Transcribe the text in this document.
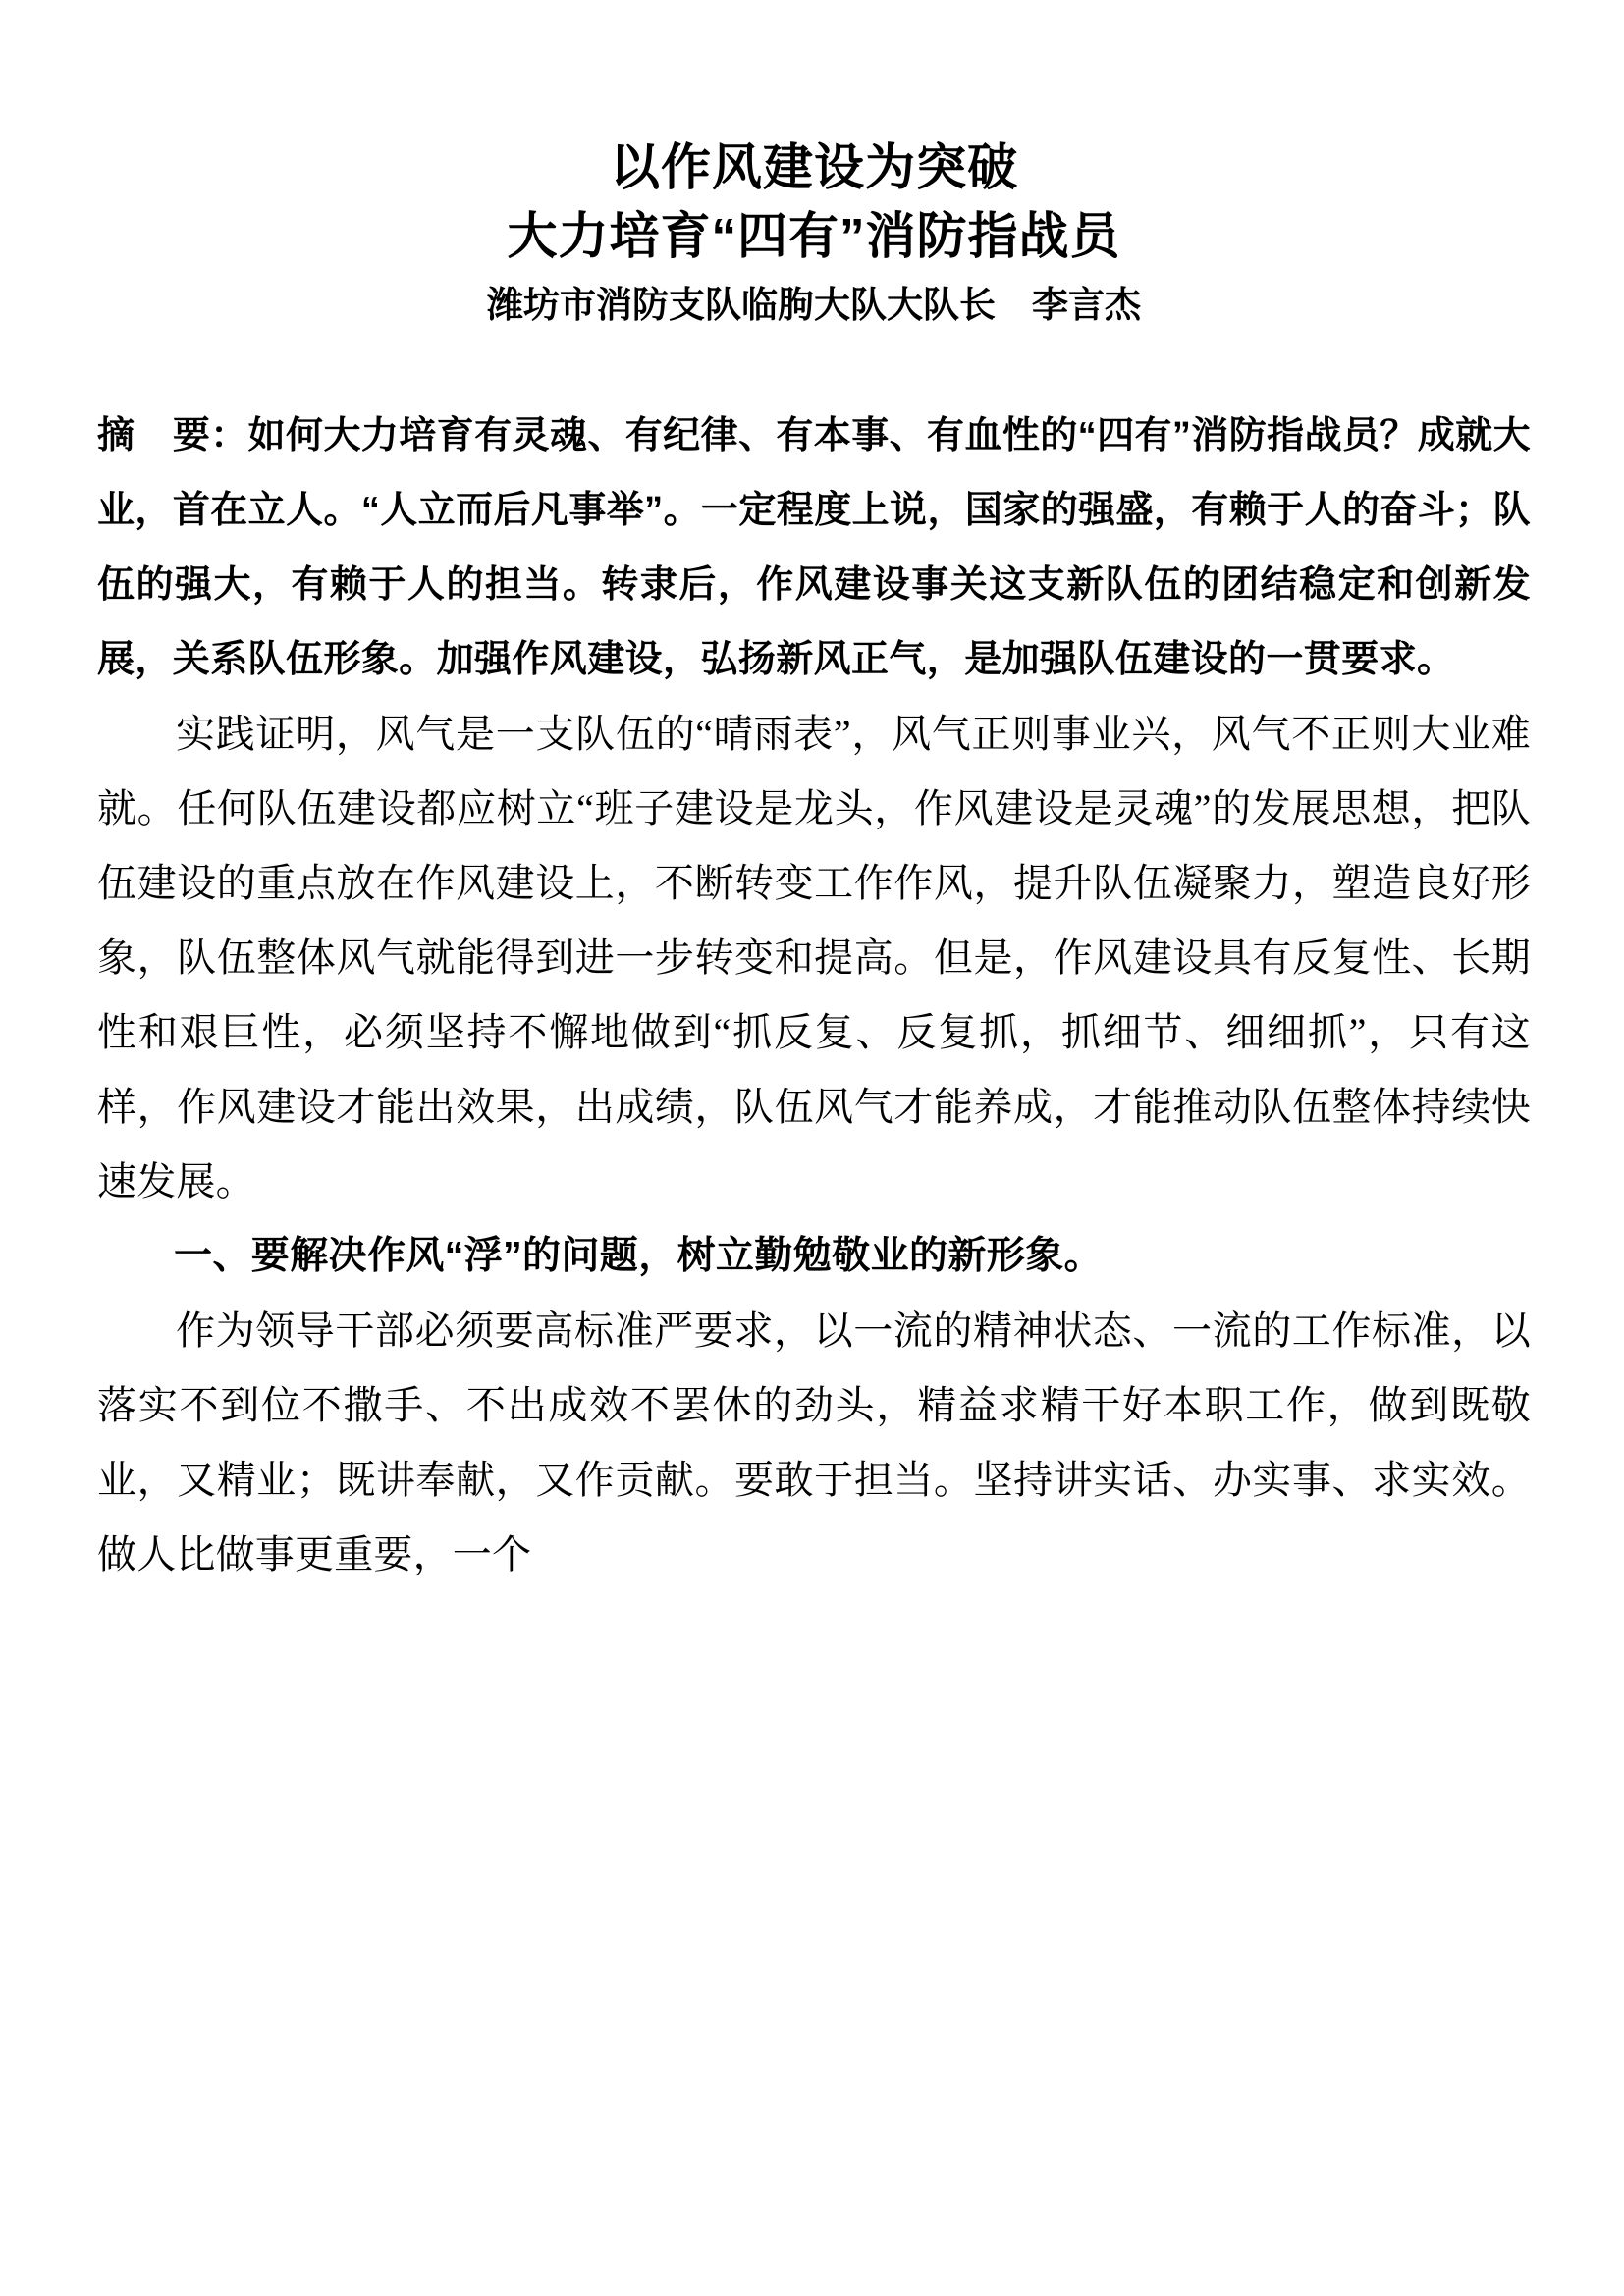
以作风建设为突破
大力培育“四有”消防指战员
潍坊市消防支队临朐大队大队长　李言杰
摘　要：如何大力培育有灵魂、有纪律、有本事、有血性的“四有”消防指战员？成就大业，首在立人。“人立而后凡事举”。一定程度上说，国家的强盛，有赖于人的奋斗；队伍的强大，有赖于人的担当。转隶后，作风建设事关这支新队伍的团结稳定和创新发展，关系队伍形象。加强作风建设，弘扬新风正气，是加强队伍建设的一贯要求。
实践证明，风气是一支队伍的“晴雨表”，风气正则事业兴，风气不正则大业难就。任何队伍建设都应树立“班子建设是龙头，作风建设是灵魂”的发展思想，把队伍建设的重点放在作风建设上，不断转变工作作风，提升队伍凝聚力，塑造良好形象，队伍整体风气就能得到进一步转变和提高。但是，作风建设具有反复性、长期性和艰巨性，必须坚持不懈地做到“抓反复、反复抓，抓细节、细细抓”，只有这样，作风建设才能出效果，出成绩，队伍风气才能养成，才能推动队伍整体持续快速发展。
一、要解决作风“浮”的问题，树立勤勉敬业的新形象。
作为领导干部必须要高标准严要求，以一流的精神状态、一流的工作标准，以落实不到位不撒手、不出成效不罢休的劲头，精益求精干好本职工作，做到既敬业，又精业；既讲奉献，又作贡献。要敢于担当。坚持讲实话、办实事、求实效。做人比做事更重要，一个
